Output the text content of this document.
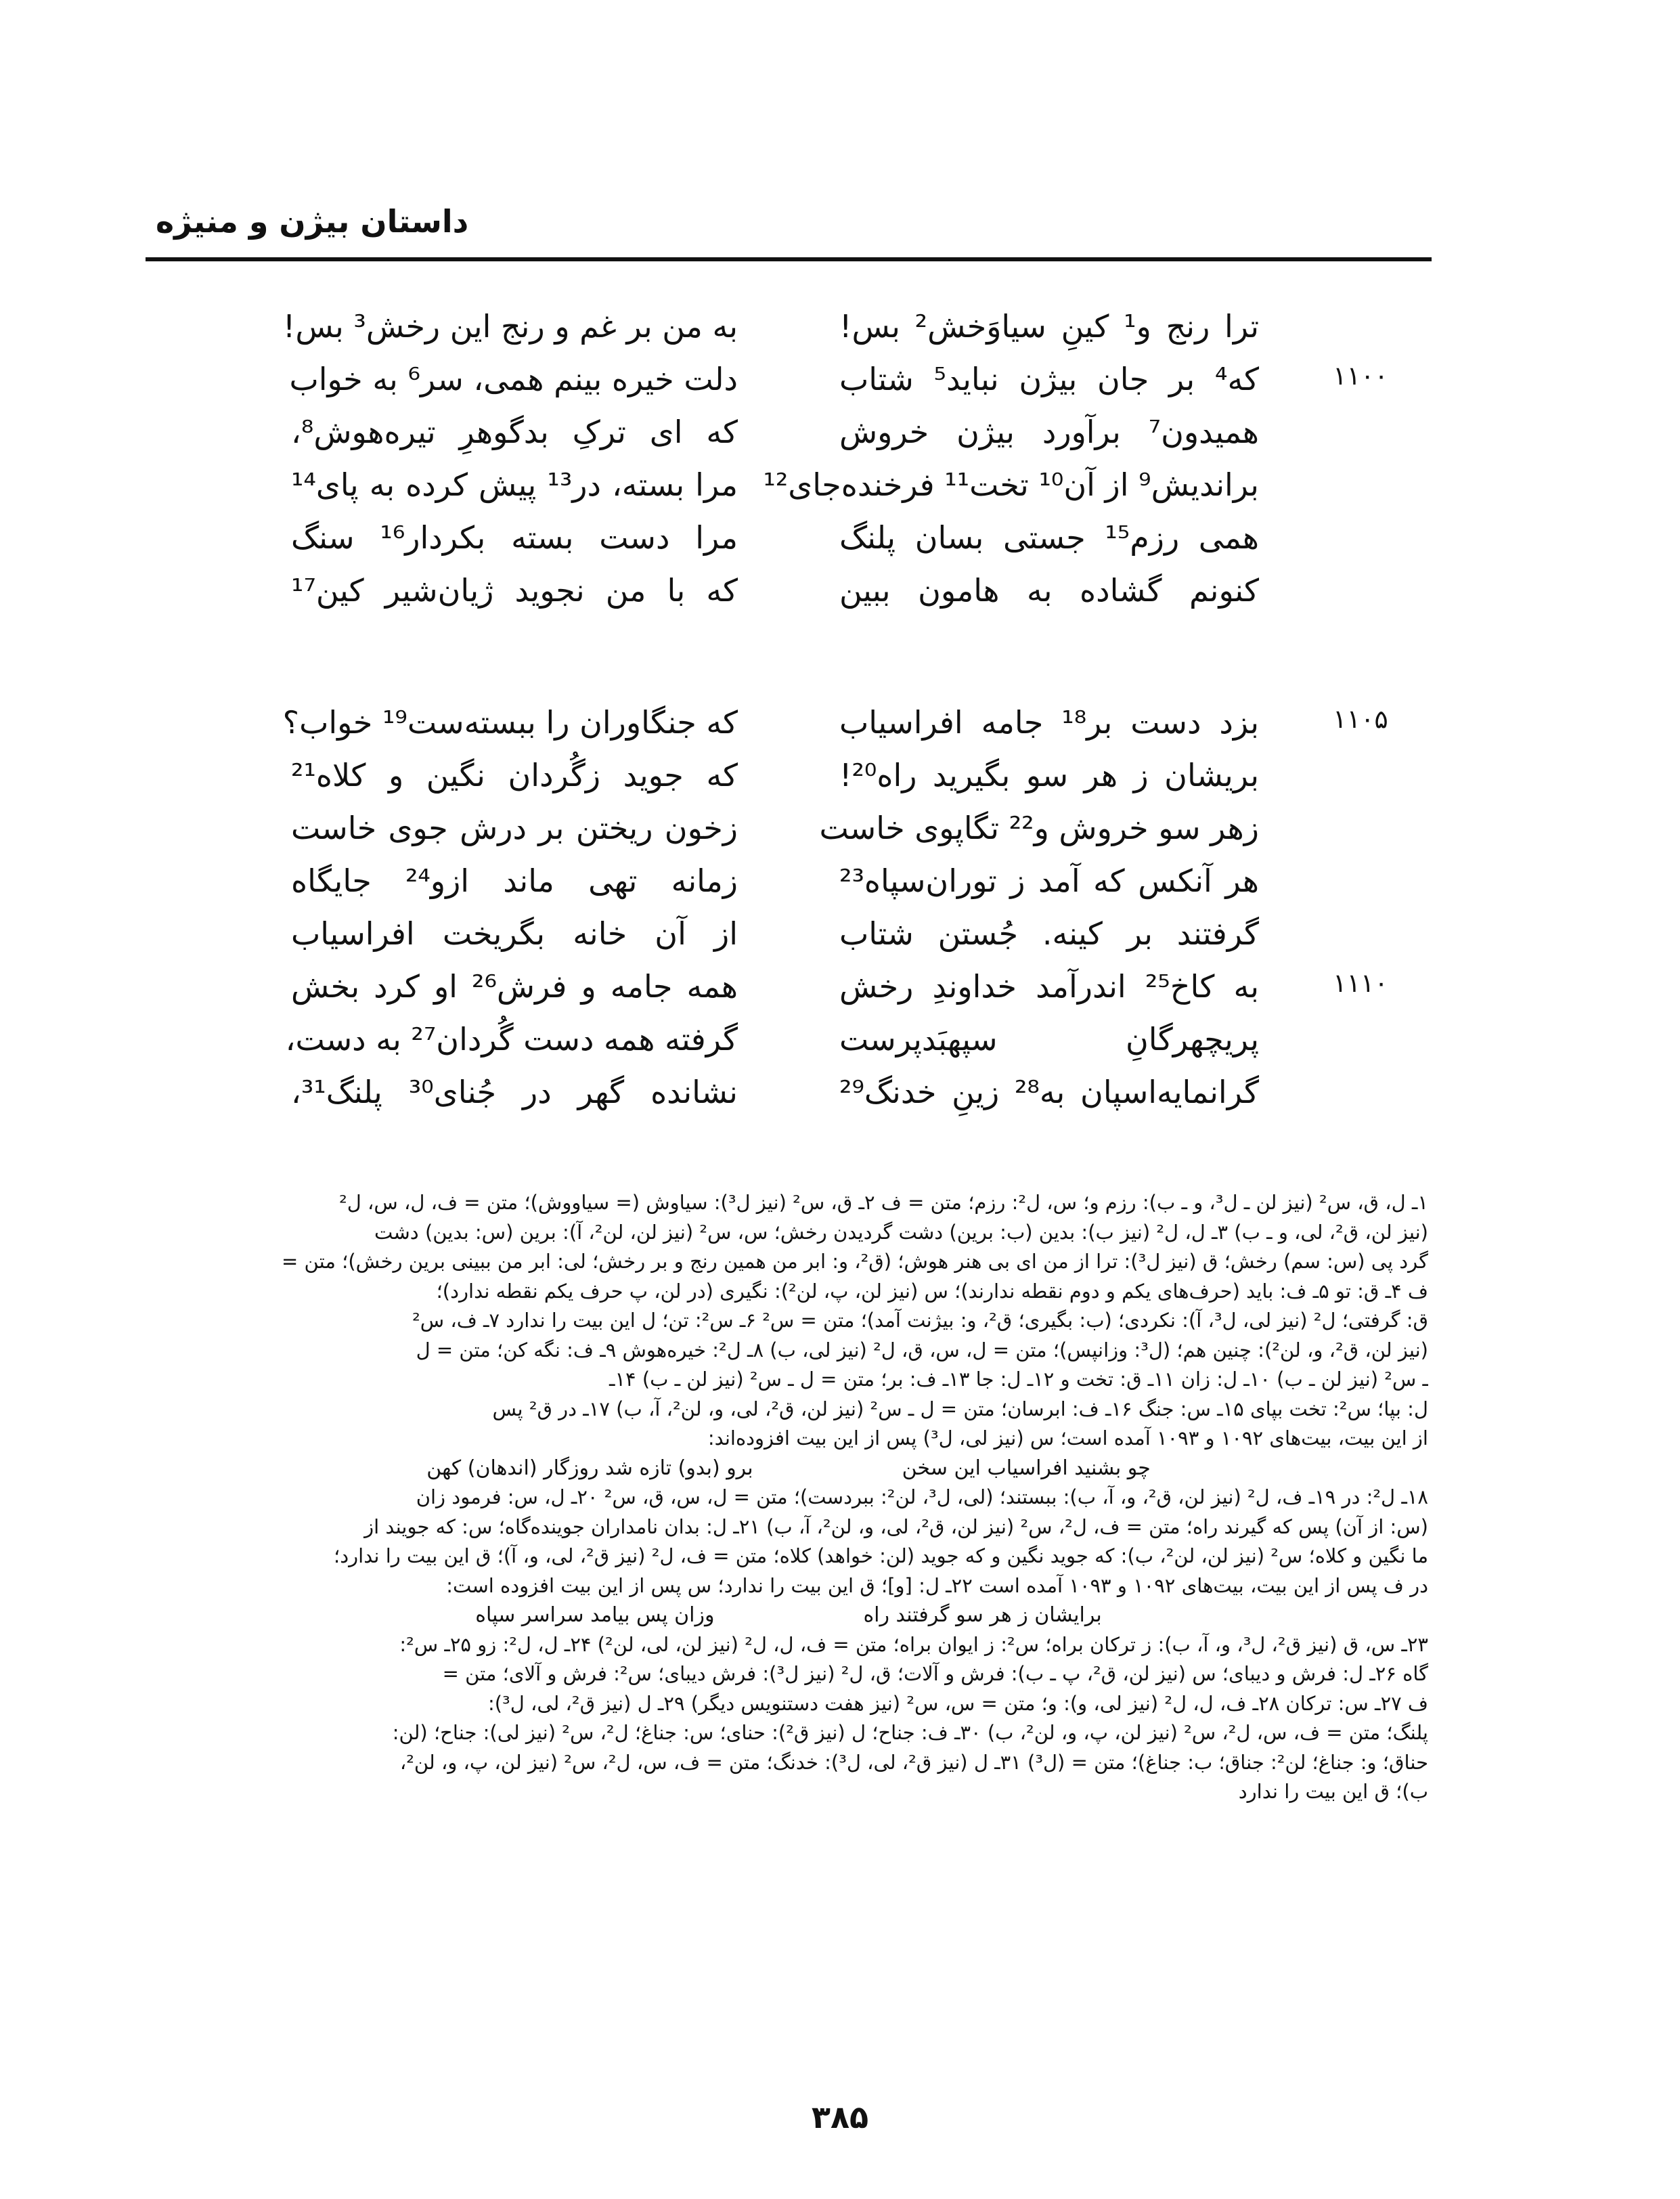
داستان بیژن و منیژه
ترا رنج و¹ کینِ سیاوَخش² بس!
به من بر غم و رنج این رخش³ بس!
۱۱۰۰
که⁴ بر جان بیژن نباید⁵ شتاب
دلت خیره بینم همی، سر⁶ به خواب
همیدون⁷ برآورد بیژن خروش
که ای ترکِ بدگوهرِ تیره‌هوش⁸،
براندیش⁹ از آن¹⁰ تخت¹¹ فرخنده‌جای¹²
مرا بسته، در¹³ پیش کرده به پای¹⁴
همی رزم¹⁵ جستی بسان پلنگ
مرا دست بسته بکردار¹⁶ سنگ
کنونم گشاده به هامون ببین
که با من نجوید ژیان‌شیر کین¹⁷
۱۱۰۵
بزد دست بر¹⁸ جامه افراسیاب
که جنگاوران را ببسته‌ست¹⁹ خواب؟
بریشان ز هر سو بگیرید راه²⁰!
که جوید زگُردان نگین و کلاه²¹
زهر سو خروش و²² تگاپوی خاست
زخون ریختن بر درش جوی خاست
هر آنکس که آمد ز توران‌سپاه²³
زمانه تهی ماند ازو²⁴ جایگاه
گرفتند بر کینه. جُستن شتاب
از آن خانه بگریخت افراسیاب
۱۱۱۰
به کاخ²⁵ اندرآمد خداوندِ رخش
همه جامه و فرش²⁶ او کرد بخش
پریچهرگانِ سپهبَدپرست
گرفته همه دست گُردان²⁷ به دست،
گرانمایه‌اسپان به²⁸ زینِ خدنگ²⁹
نشانده گهر در جُنای³⁰ پلنگ³¹،
۱ـ ل، ق، س² (نیز لن ـ ل³، و ـ ب): رزم و؛ س، ل²: رزم؛ متن = ف ۲ـ ق، س² (نیز ل³): سیاوش (= سیاووش)؛ متن = ف، ل، س، ل²
(نیز لن، ق²، لی، و ـ ب) ۳ـ ل، ل² (نیز ب): بدین (ب: برین) دشت گردیدن رخش؛ س، س² (نیز لن، لن²، آ): برین (س: بدین) دشت
گرد پی (س: سم) رخش؛ ق (نیز ل³): ترا از من ای بی هنر هوش؛ (ق²، و: ابر من همین رنج و بر رخش؛ لی: ابر من ببینی برین رخش)؛ متن =
ف ۴ـ ق: تو ۵ـ ف: باید (حرف‌های یکم و دوم نقطه ندارند)؛ س (نیز لن، پ، لن²): نگیری (در لن، پ حرف یکم نقطه ندارد)؛
ق: گرفتی؛ ل² (نیز لی، ل³، آ): نکردی؛ (ب: بگیری؛ ق²، و: بیژنت آمد)؛ متن = س² ۶ـ س²: تن؛ ل این بیت را ندارد ۷ـ ف، س²
(نیز لن، ق²، و، لن²): چنین هم؛ (ل³: وزانپس)؛ متن = ل، س، ق، ل² (نیز لی، ب) ۸ـ ل²: خیره‌هوش ۹ـ ف: نگه کن؛ متن = ل
ـ س² (نیز لن ـ ب) ۱۰ـ ل: زان ۱۱ـ ق: تخت و ۱۲ـ ل: جا ۱۳ـ ف: بر؛ متن = ل ـ س² (نیز لن ـ ب) ۱۴ـ
ل: بپا؛ س²: تخت بپای ۱۵ـ س: جنگ ۱۶ـ ف: ابرسان؛ متن = ل ـ س² (نیز لن، ق²، لی، و، لن²، آ، ب) ۱۷ـ در ق² پس
از این بیت، بیت‌های ۱۰۹۲ و ۱۰۹۳ آمده است؛ س (نیز لی، ل³) پس از این بیت افزوده‌اند:
چو بشنید افراسیاب این سخن
برو (بدو) تازه شد روزگار (اندهان) کهن
۱۸ـ ل²: در ۱۹ـ ف، ل² (نیز لن، ق²، و، آ، ب): ببستند؛ (لی، ل³، لن²: ببردست)؛ متن = ل، س، ق، س² ۲۰ـ ل، س: فرمود زان
(س: از آن) پس که گیرند راه؛ متن = ف، ل²، س² (نیز لن، ق²، لی، و، لن²، آ، ب) ۲۱ـ ل: بدان نامداران جوینده‌گاه؛ س: که جویند از
ما نگین و کلاه؛ س² (نیز لن، لن²، ب): که جوید نگین و که جوید (لن: خواهد) کلاه؛ متن = ف، ل² (نیز ق²، لی، و، آ)؛ ق این بیت را ندارد؛
در ف پس از این بیت، بیت‌های ۱۰۹۲ و ۱۰۹۳ آمده است ۲۲ـ ل: [و]؛ ق این بیت را ندارد؛ س پس از این بیت افزوده است:
برایشان ز هر سو گرفتند راه
وزان پس بیامد سراسر سپاه
۲۳ـ س، ق (نیز ق²، ل³، و، آ، ب): ز ترکان براه؛ س²: ز ایوان براه؛ متن = ف، ل، ل² (نیز لن، لی، لن²) ۲۴ـ ل، ل²: زو ۲۵ـ س²:
گاه ۲۶ـ ل: فرش و دیبای؛ س (نیز لن، ق²، پ ـ ب): فرش و آلات؛ ق، ل² (نیز ل³): فرش دیبای؛ س²: فرش و آلای؛ متن =
ف ۲۷ـ س: ترکان ۲۸ـ ف، ل، ل² (نیز لی، و): و؛ متن = س، س² (نیز هفت دستنویس دیگر) ۲۹ـ ل (نیز ق²، لی، ل³):
پلنگ؛ متن = ف، س، ل²، س² (نیز لن، پ، و، لن²، ب) ۳۰ـ ف: جناح؛ ل (نیز ق²): حنای؛ س: جناغ؛ ل²، س² (نیز لی): جناح؛ (لن:
حناق؛ و: جناغ؛ لن²: جناق؛ ب: جناغ)؛ متن = (ل³) ۳۱ـ ل (نیز ق²، لی، ل³): خدنگ؛ متن = ف، س، ل²، س² (نیز لن، پ، و، لن²،
ب)؛ ق این بیت را ندارد
۳۸۵
